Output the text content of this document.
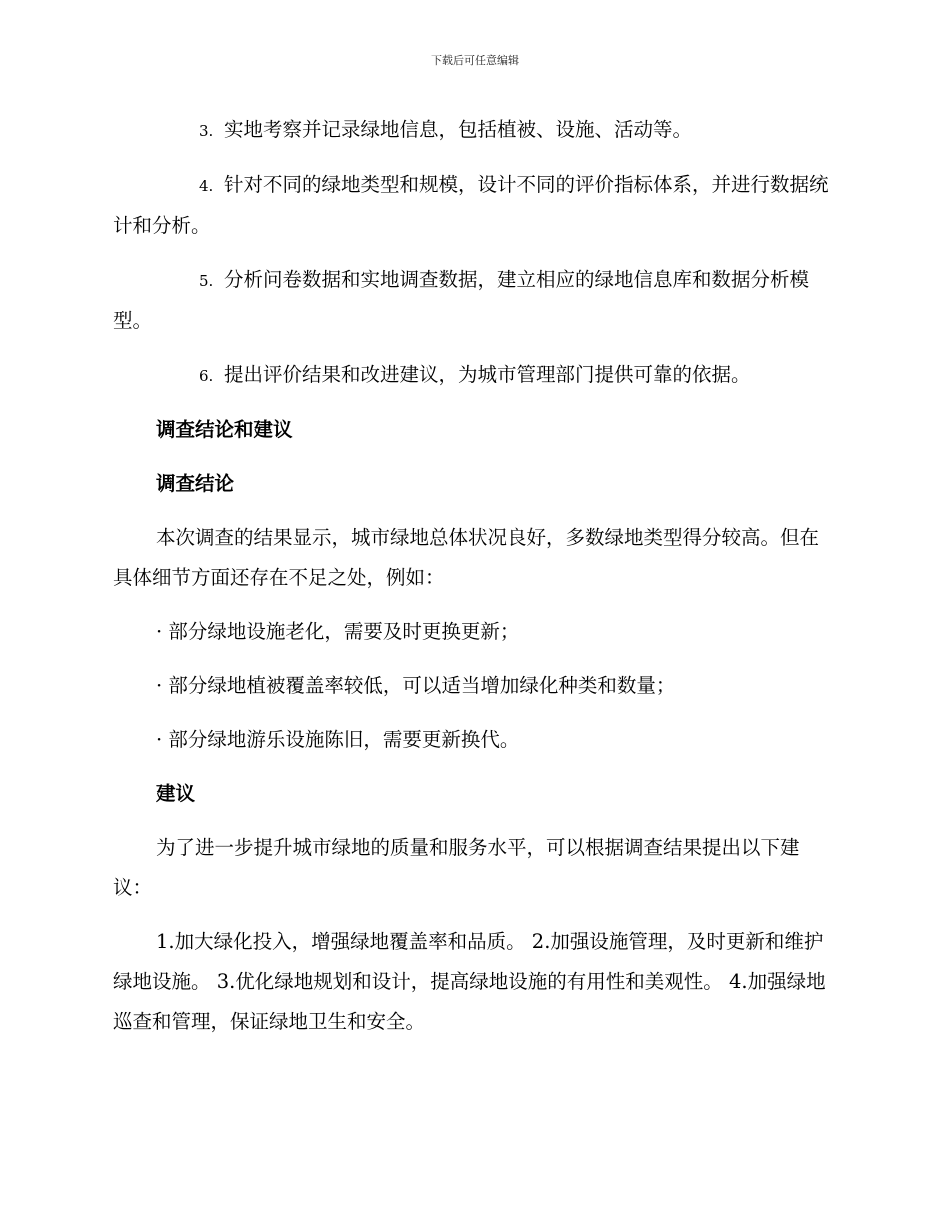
下载后可任意编辑

3. 实地考察并记录绿地信息，包括植被、设施、活动等。

4. 针对不同的绿地类型和规模，设计不同的评价指标体系，并进行数据统计和分析。

5. 分析问卷数据和实地调查数据，建立相应的绿地信息库和数据分析模型。

6. 提出评价结果和改进建议，为城市管理部门提供可靠的依据。

调查结论和建议
调查结论

本次调查的结果显示，城市绿地总体状况良好，多数绿地类型得分较高。但在具体细节方面还存在不足之处，例如：

· 部分绿地设施老化，需要及时更换更新；
· 部分绿地植被覆盖率较低，可以适当增加绿化种类和数量；
· 部分绿地游乐设施陈旧，需要更新换代。
建议

为了进一步提升城市绿地的质量和服务水平，可以根据调查结果提出以下建议：

1.加大绿化投入，增强绿地覆盖率和品质。 2.加强设施管理，及时更新和维护绿地设施。 3.优化绿地规划和设计，提高绿地设施的有用性和美观性。 4.加强绿地巡查和管理，保证绿地卫生和安全。
